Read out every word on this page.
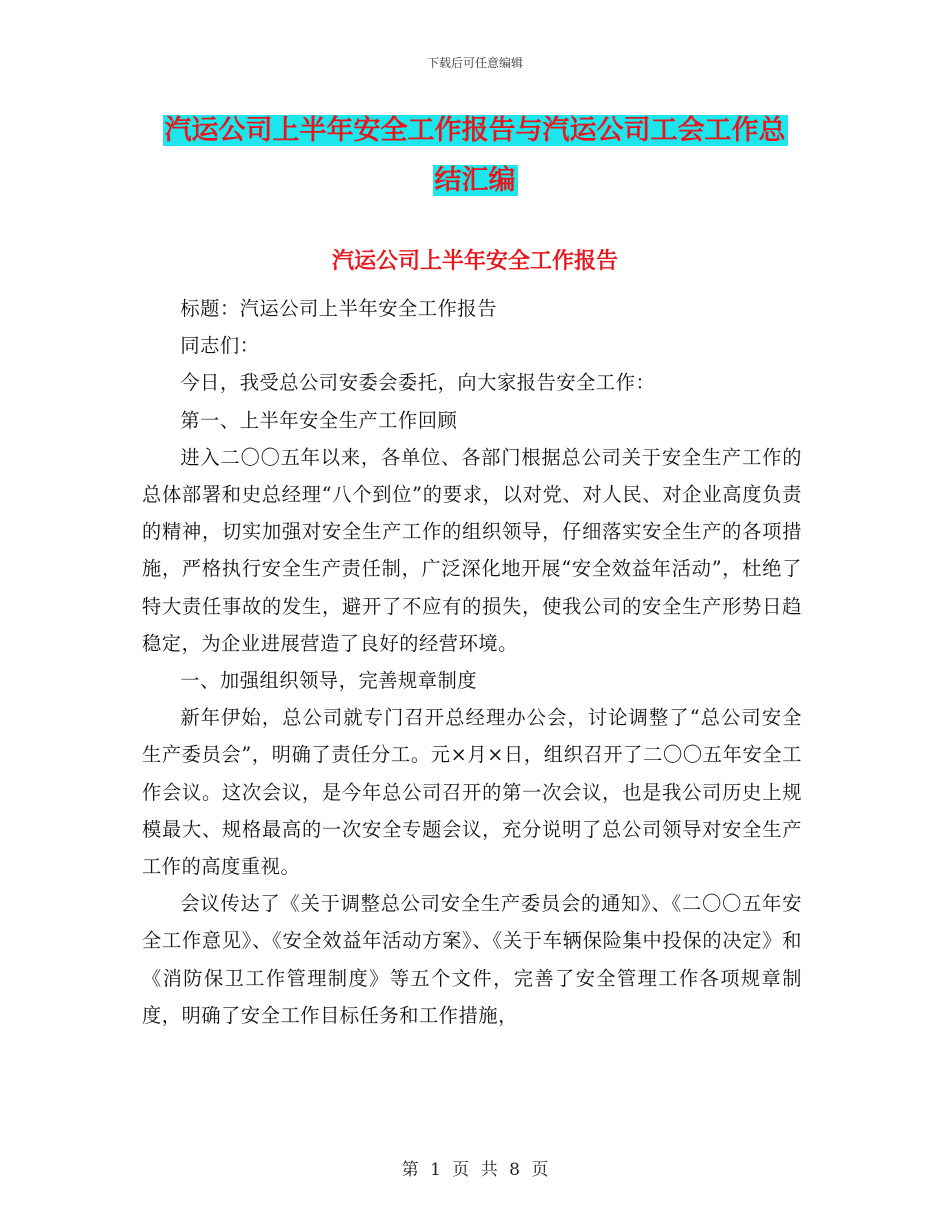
下载后可任意编辑
汽运公司上半年安全工作报告与汽运公司工会工作总
结汇编
汽运公司上半年安全工作报告

标题：汽运公司上半年安全工作报告

同志们：

今日，我受总公司安委会委托，向大家报告安全工作：

第一、上半年安全生产工作回顾

进入二〇〇五年以来，各单位、各部门根据总公司关于安全生产工作的总体部署和史总经理“八个到位”的要求，以对党、对人民、对企业高度负责的精神，切实加强对安全生产工作的组织领导，仔细落实安全生产的各项措施，严格执行安全生产责任制，广泛深化地开展“安全效益年活动”，杜绝了特大责任事故的发生，避开了不应有的损失，使我公司的安全生产形势日趋稳定，为企业进展营造了良好的经营环境。

一、加强组织领导，完善规章制度

新年伊始，总公司就专门召开总经理办公会，讨论调整了“总公司安全生产委员会”，明确了责任分工。元×月×日，组织召开了二〇〇五年安全工作会议。这次会议，是今年总公司召开的第一次会议，也是我公司历史上规模最大、规格最高的一次安全专题会议，充分说明了总公司领导对安全生产工作的高度重视。

会议传达了《关于调整总公司安全生产委员会的通知》、《二〇〇五年安全工作意见》、《安全效益年活动方案》、《关于车辆保险集中投保的决定》和《消防保卫工作管理制度》等五个文件，完善了安全管理工作各项规章制度，明确了安全工作目标任务和工作措施，

第 1 页 共 8 页
